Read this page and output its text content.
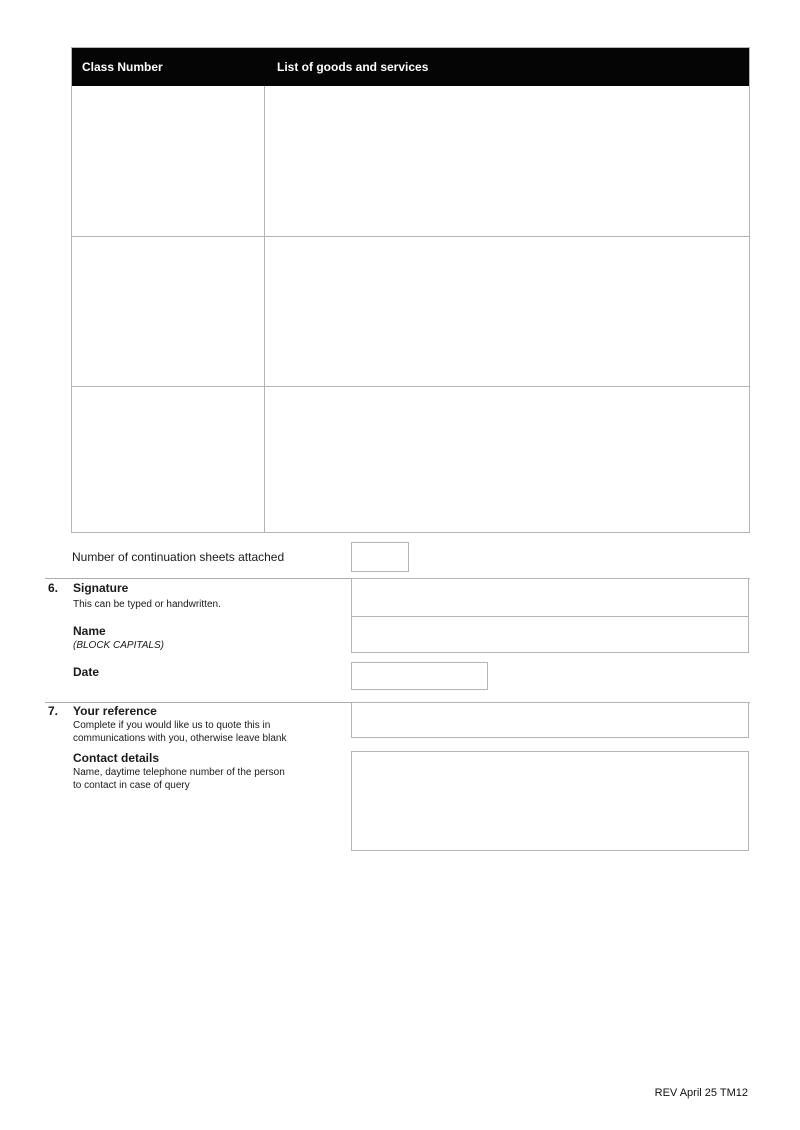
Class Number	List of goods and services
Number of continuation sheets attached
6. Signature
This can be typed or handwritten.
Name
(BLOCK CAPITALS)
Date
7. Your reference
Complete if you would like us to quote this in
communications with you, otherwise leave blank
Contact details
Name, daytime telephone number of the person
to contact in case of query
REV April 25 TM12
